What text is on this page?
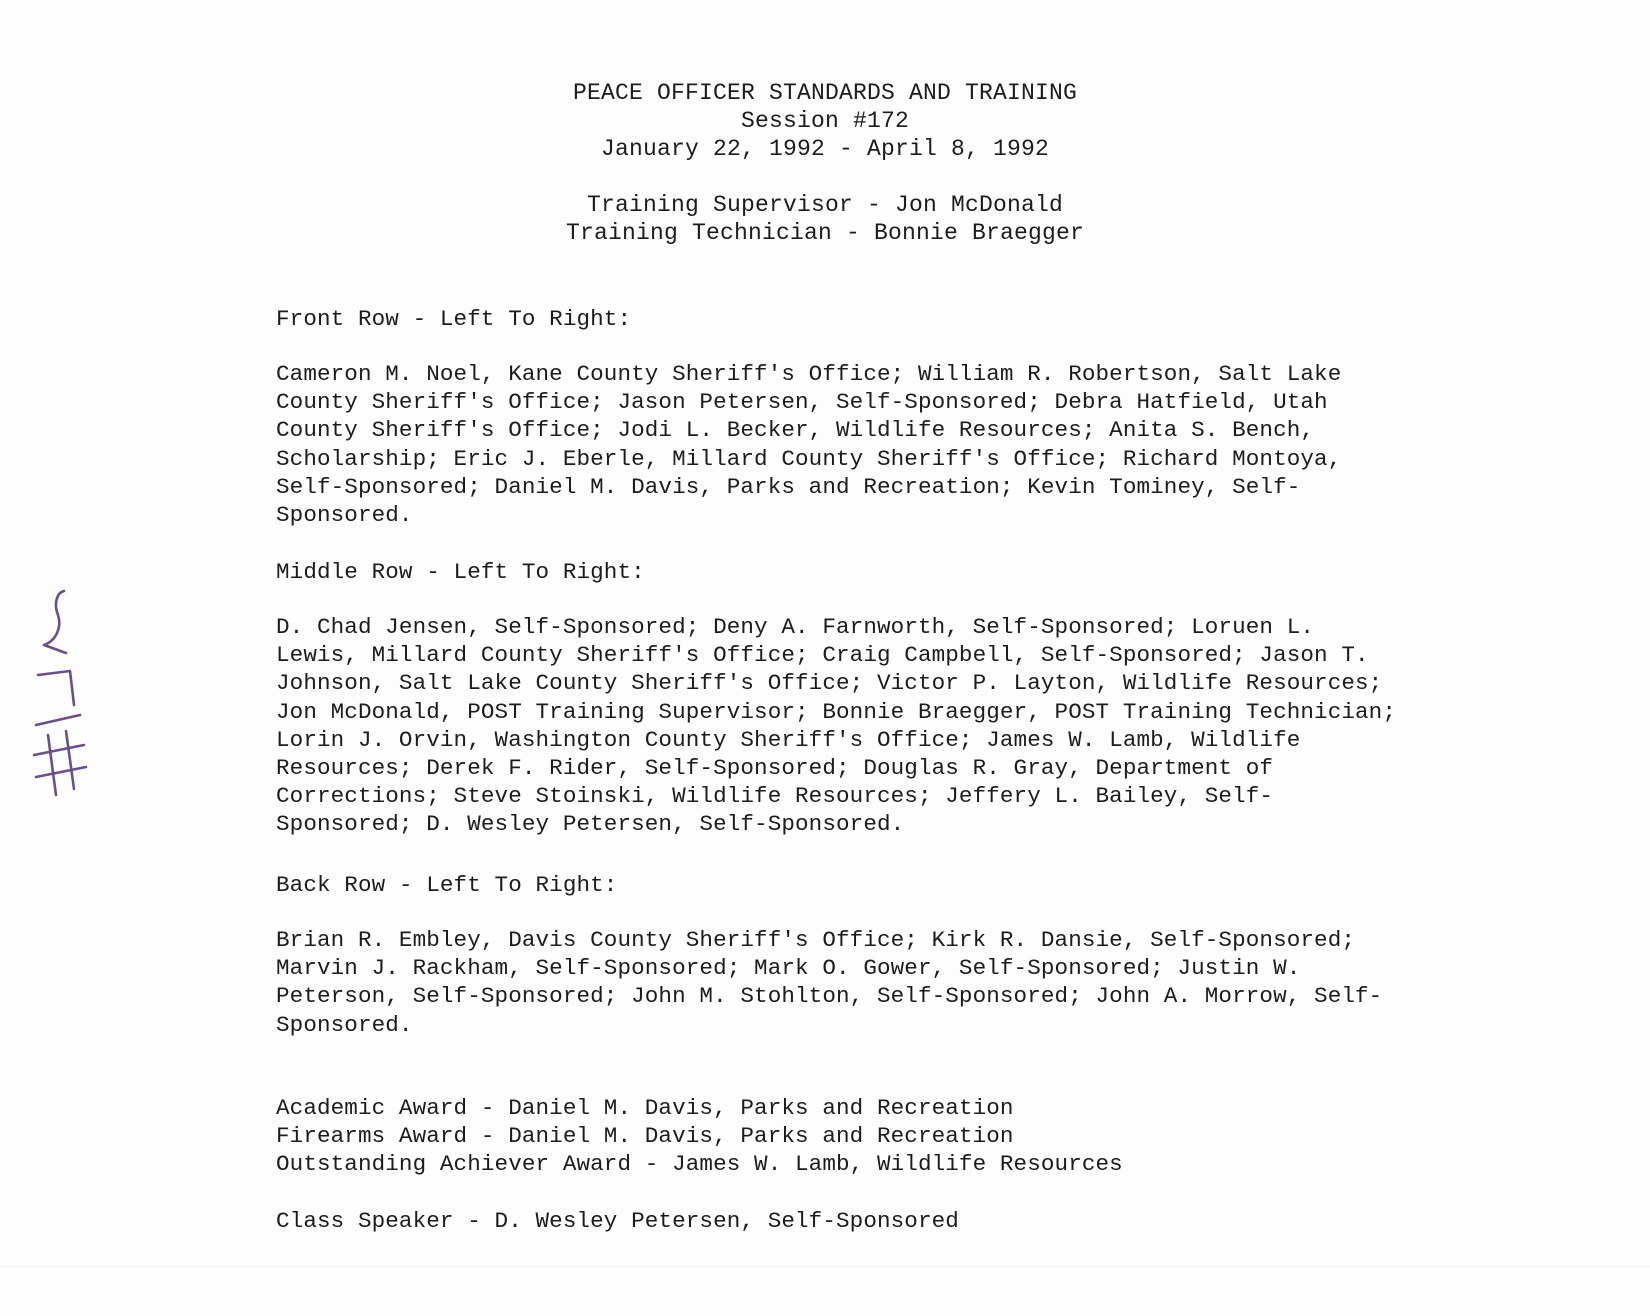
PEACE OFFICER STANDARDS AND TRAINING
Session #172
January 22, 1992 - April 8, 1992
Training Supervisor - Jon McDonald
Training Technician - Bonnie Braegger

Front Row - Left To Right:

Cameron M. Noel, Kane County Sheriff's Office; William R. Robertson, Salt Lake County Sheriff's Office; Jason Petersen, Self-Sponsored; Debra Hatfield, Utah County Sheriff's Office; Jodi L. Becker, Wildlife Resources; Anita S. Bench, Scholarship; Eric J. Eberle, Millard County Sheriff's Office; Richard Montoya, Self-Sponsored; Daniel M. Davis, Parks and Recreation; Kevin Tominey, Self-Sponsored.

Middle Row - Left To Right:

D. Chad Jensen, Self-Sponsored; Deny A. Farnworth, Self-Sponsored; Loruen L. Lewis, Millard County Sheriff's Office; Craig Campbell, Self-Sponsored; Jason T. Johnson, Salt Lake County Sheriff's Office; Victor P. Layton, Wildlife Resources; Jon McDonald, POST Training Supervisor; Bonnie Braegger, POST Training Technician; Lorin J. Orvin, Washington County Sheriff's Office; James W. Lamb, Wildlife Resources; Derek F. Rider, Self-Sponsored; Douglas R. Gray, Department of Corrections; Steve Stoinski, Wildlife Resources; Jeffery L. Bailey, Self-Sponsored; D. Wesley Petersen, Self-Sponsored.

Back Row - Left To Right:

Brian R. Embley, Davis County Sheriff's Office; Kirk R. Dansie, Self-Sponsored; Marvin J. Rackham, Self-Sponsored; Mark O. Gower, Self-Sponsored; Justin W. Peterson, Self-Sponsored; John M. Stohlton, Self-Sponsored; John A. Morrow, Self-Sponsored.

Academic Award - Daniel M. Davis, Parks and Recreation
Firearms Award - Daniel M. Davis, Parks and Recreation
Outstanding Achiever Award - James W. Lamb, Wildlife Resources

Class Speaker - D. Wesley Petersen, Self-Sponsored
